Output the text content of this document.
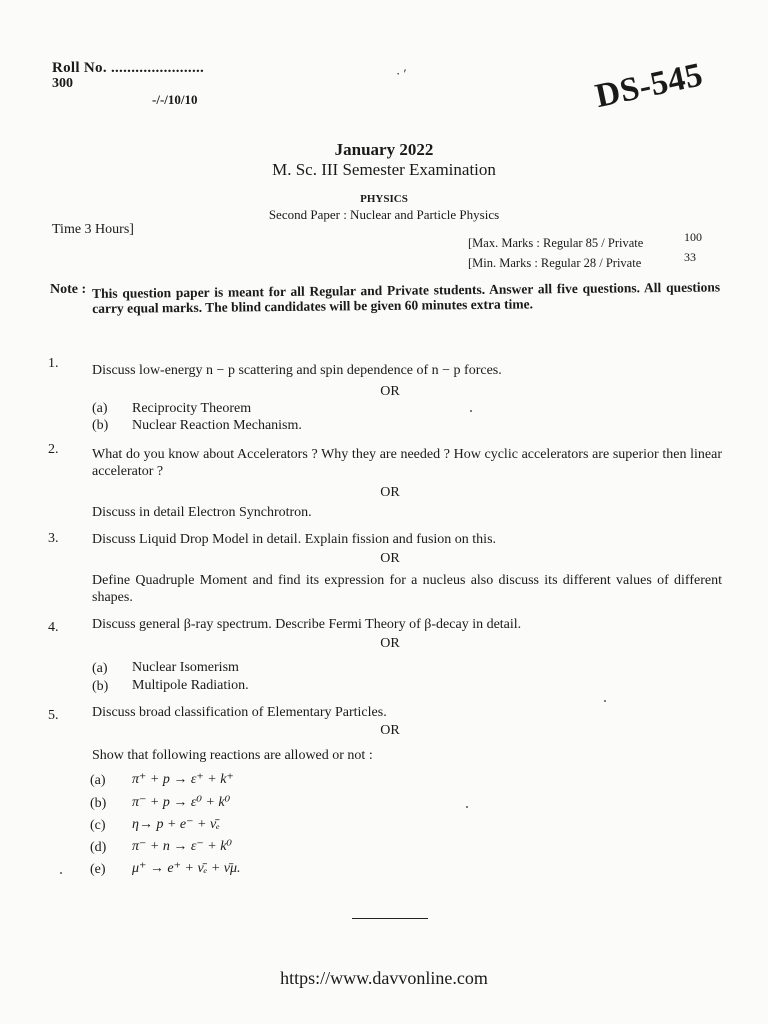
Roll No. .......................
300
-/-/10/10
· ′	DS-545
January 2022
M. Sc. III Semester Examination
PHYSICS
Second Paper : Nuclear and Particle Physics
Time 3 Hours]
[Max. Marks : Regular 85 / Private	100
[Min. Marks : Regular 28 / Private	33
Note : This question paper is meant for all Regular and Private students. Answer all five questions. All questions carry equal marks. The blind candidates will be given 60 minutes extra time.
1. Discuss low-energy n − p scattering and spin dependence of n − p forces.
OR
(a)	Reciprocity Theorem
(b)	Nuclear Reaction Mechanism.
2. What do you know about Accelerators ? Why they are needed ? How cyclic accelerators are superior then linear accelerator ?
OR
Discuss in detail Electron Synchrotron.
3. Discuss Liquid Drop Model in detail. Explain fission and fusion on this.
OR
Define Quadruple Moment and find its expression for a nucleus also discuss its different values of different shapes.
4. Discuss general β-ray spectrum. Describe Fermi Theory of β-decay in detail.
OR
(a)	Nuclear Isomerism
(b)	Multipole Radiation.
5. Discuss broad classification of Elementary Particles.
OR
Show that following reactions are allowed or not :
(a)	π⁺ + p → ε⁺ + k⁺
(b)	π⁻ + p → ε⁰ + k⁰
(c)	η→ p + e⁻ + ν̄ₑ
(d)	π⁻ + n → ε⁻ + k⁰
(e)	μ⁺ → e⁺ + ν̄ₑ + ν̄μ.
https://www.davvonline.com
